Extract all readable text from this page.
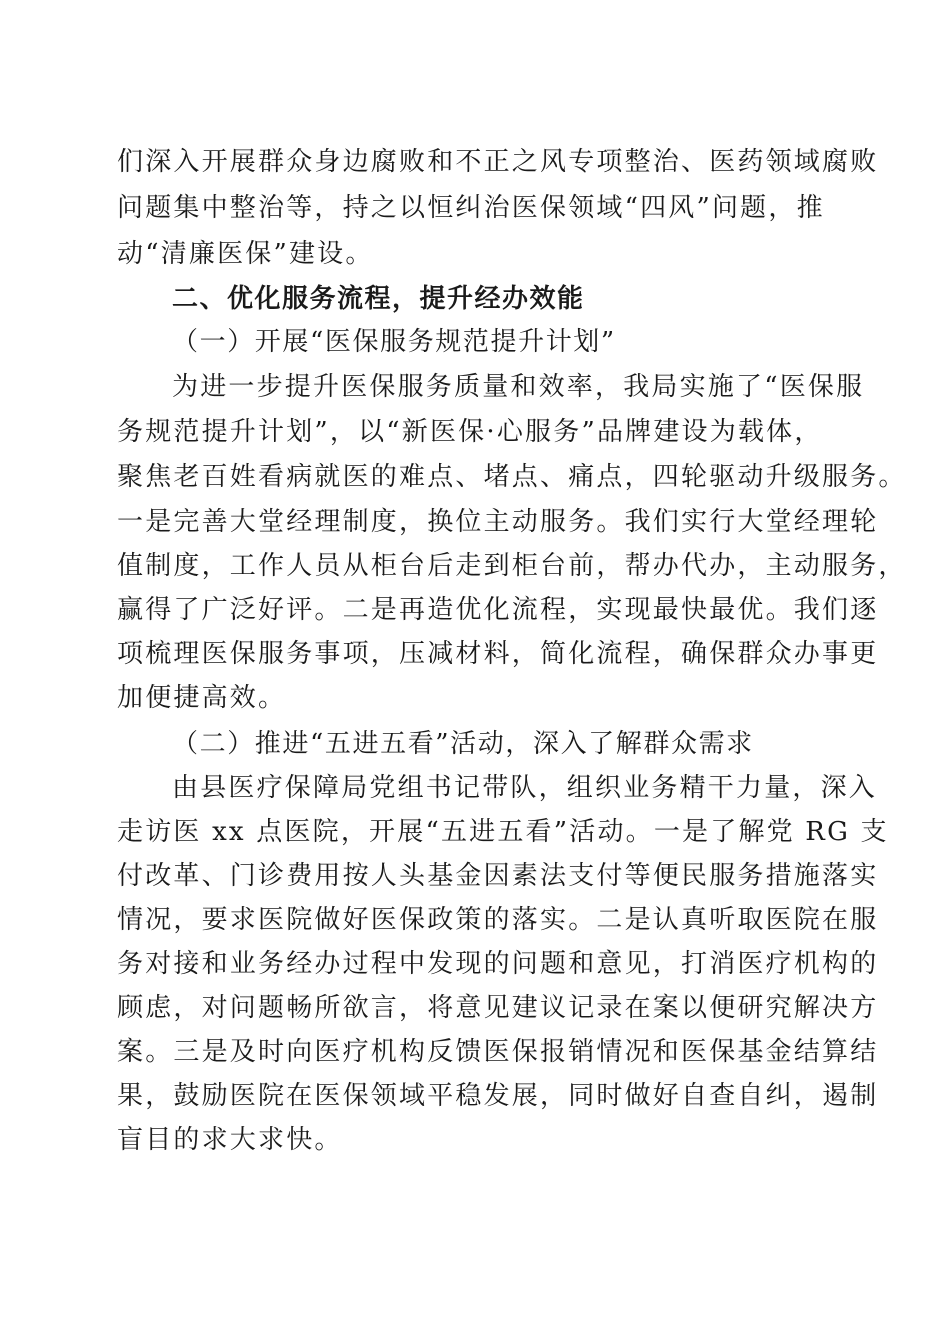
们深入开展群众身边腐败和不正之风专项整治、医药领域腐败
问题集中整治等，持之以恒纠治医保领域“四风”问题，推
动“清廉医保”建设。
二、优化服务流程，提升经办效能
（一）开展“医保服务规范提升计划”
为进一步提升医保服务质量和效率，我局实施了“医保服
务规范提升计划”，以“新医保·心服务”品牌建设为载体，
聚焦老百姓看病就医的难点、堵点、痛点，四轮驱动升级服务。
一是完善大堂经理制度，换位主动服务。我们实行大堂经理轮
值制度，工作人员从柜台后走到柜台前，帮办代办，主动服务，
赢得了广泛好评。二是再造优化流程，实现最快最优。我们逐
项梳理医保服务事项，压减材料，简化流程，确保群众办事更
加便捷高效。
（二）推进“五进五看”活动，深入了解群众需求
由县医疗保障局党组书记带队，组织业务精干力量，深入
走访医 xx 点医院，开展“五进五看”活动。一是了解党 RG 支
付改革、门诊费用按人头基金因素法支付等便民服务措施落实
情况，要求医院做好医保政策的落实。二是认真听取医院在服
务对接和业务经办过程中发现的问题和意见，打消医疗机构的
顾虑，对问题畅所欲言，将意见建议记录在案以便研究解决方
案。三是及时向医疗机构反馈医保报销情况和医保基金结算结
果，鼓励医院在医保领域平稳发展，同时做好自查自纠，遏制
盲目的求大求快。
